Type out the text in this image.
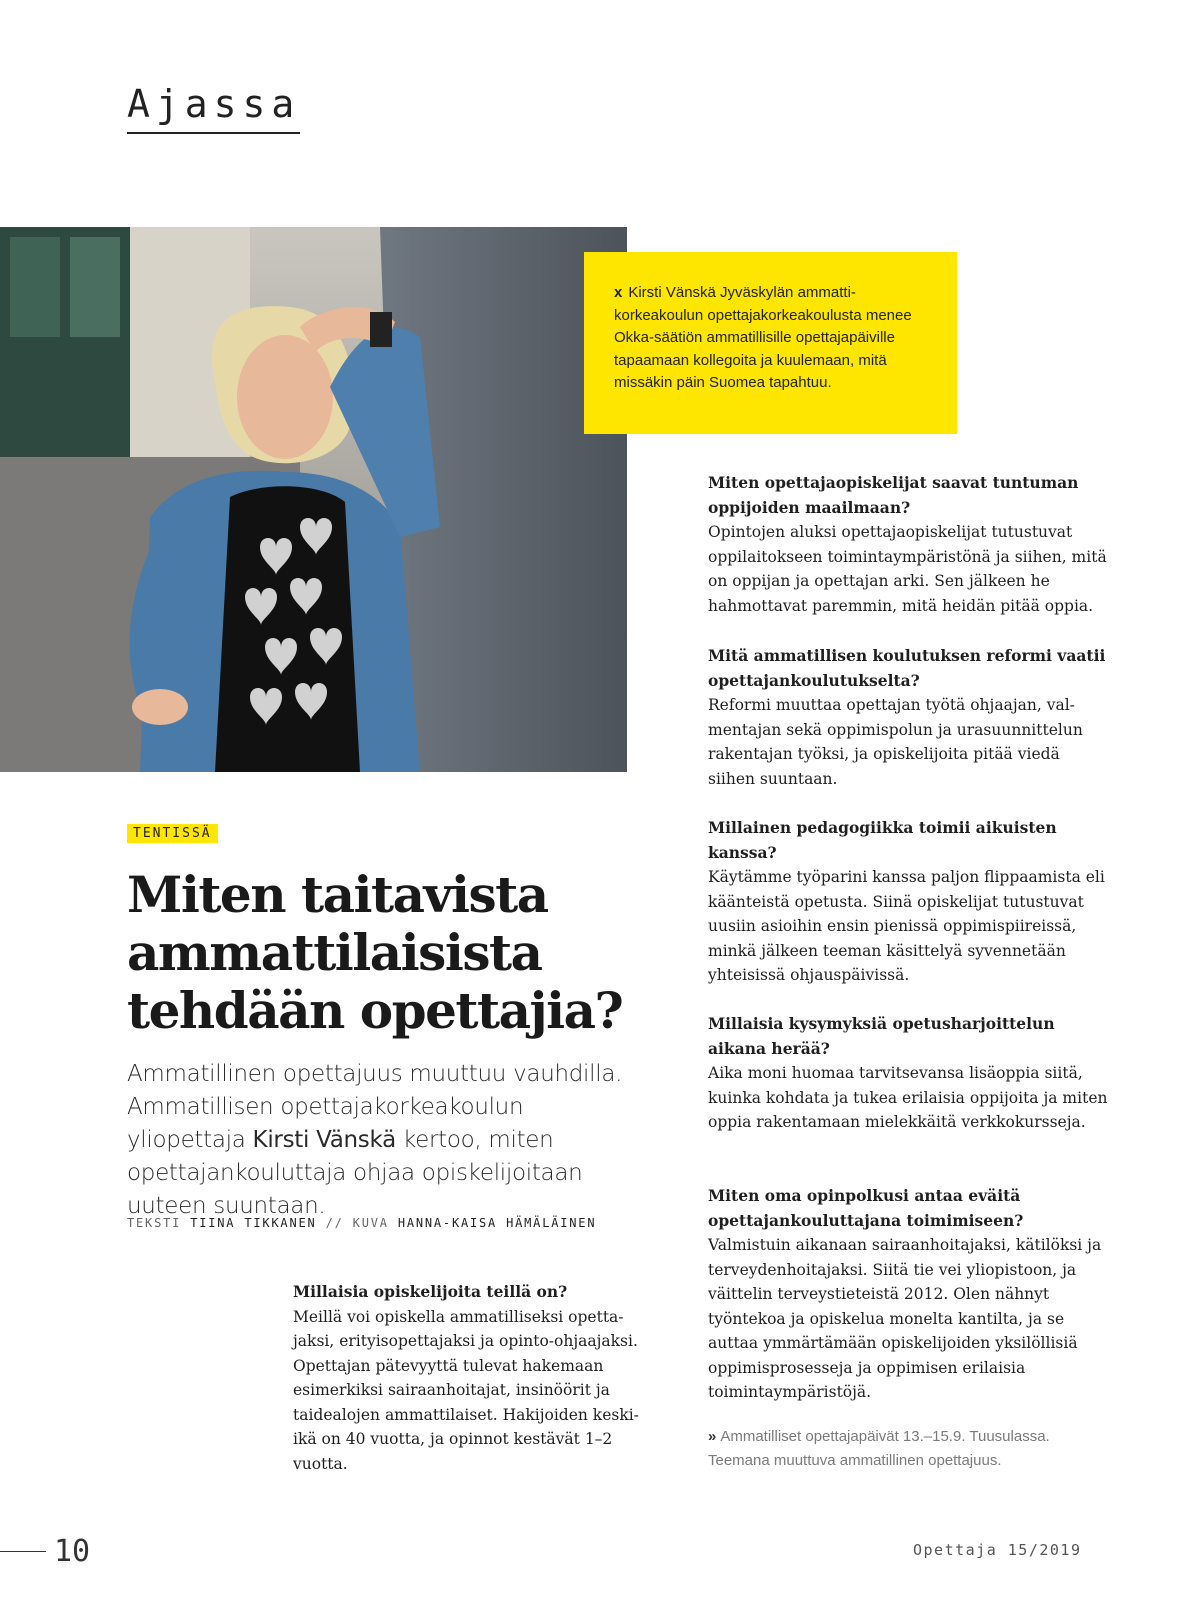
Ajassa
x Kirsti Vänskä Jyväskylän ammattikorkeakoulun opettajakorkeakoulusta menee Okka-säätiön ammatillisille opettajapäiville tapaamaan kollegoita ja kuulemaan, mitä missäkin päin Suomea tapahtuu.
TENTISSÄ
Miten taitavista ammattilaisista tehdään opettajia?

Ammatillinen opettajuus muuttuu vauhdilla. Ammatillisen opettajakorkeakoulun yliopettaja Kirsti Vänskä kertoo, miten opettajankouluttaja ohjaa opiskelijoitaan uuteen suuntaan.

TEKSTI TIINA TIKKANEN // KUVA HANNA-KAISA HÄMÄLÄINEN
Millaisia opiskelijoita teillä on?
Meillä voi opiskella ammatilliseksi opettajaksi, erityisopettajaksi ja opinto-ohjaajaksi. Opettajan pätevyyttä tulevat hakemaan esimerkiksi sairaanhoitajat, insinöörit ja taidealojen ammattilaiset. Hakijoiden keski-ikä on 40 vuotta, ja opinnot kestävät 1–2 vuotta.
Miten opettajaopiskelijat saavat tuntuman oppijoiden maailmaan?
Opintojen aluksi opettajaopiskelijat tutustuvat oppilaitokseen toimintaympäristönä ja siihen, mitä on oppijan ja opettajan arki. Sen jälkeen he hahmottavat paremmin, mitä heidän pitää oppia.
Mitä ammatillisen koulutuksen reformi vaatii opettajankoulutukselta?
Reformi muuttaa opettajan työtä ohjaajan, valmentajan sekä oppimispolun ja urasuunnittelun rakentajan työksi, ja opiskelijoita pitää viedä siihen suuntaan.
Millainen pedagogiikka toimii aikuisten kanssa?
Käytämme työparini kanssa paljon flippaamista eli käänteistä opetusta. Siinä opiskelijat tutustuvat uusiin asioihin ensin pienissä oppimispiireissä, minkä jälkeen teeman käsittelyä syvennetään yhteisissä ohjauspäivissä.
Millaisia kysymyksiä opetusharjoittelun aikana herää?
Aika moni huomaa tarvitsevansa lisäoppia siitä, kuinka kohdata ja tukea erilaisia oppijoita ja miten oppia rakentamaan mielekkäitä verkkokursseja.
Miten oma opinpolkusi antaa eväitä opettajankouluttajana toimimiseen?
Valmistuin aikanaan sairaanhoitajaksi, kätilöksi ja terveydenhoitajaksi. Siitä tie vei yliopistoon, ja väittelin terveystieteistä 2012. Olen nähnyt työntekoa ja opiskelua monelta kantilta, ja se auttaa ymmärtämään opiskelijoiden yksilöllisiä oppimisprosesseja ja oppimisen erilaisia toimintaympäristöjä.
» Ammatilliset opettajapäivät 13.–15.9. Tuusulassa. Teemana muuttuva ammatillinen opettajuus.
10	Opettaja 15/2019
